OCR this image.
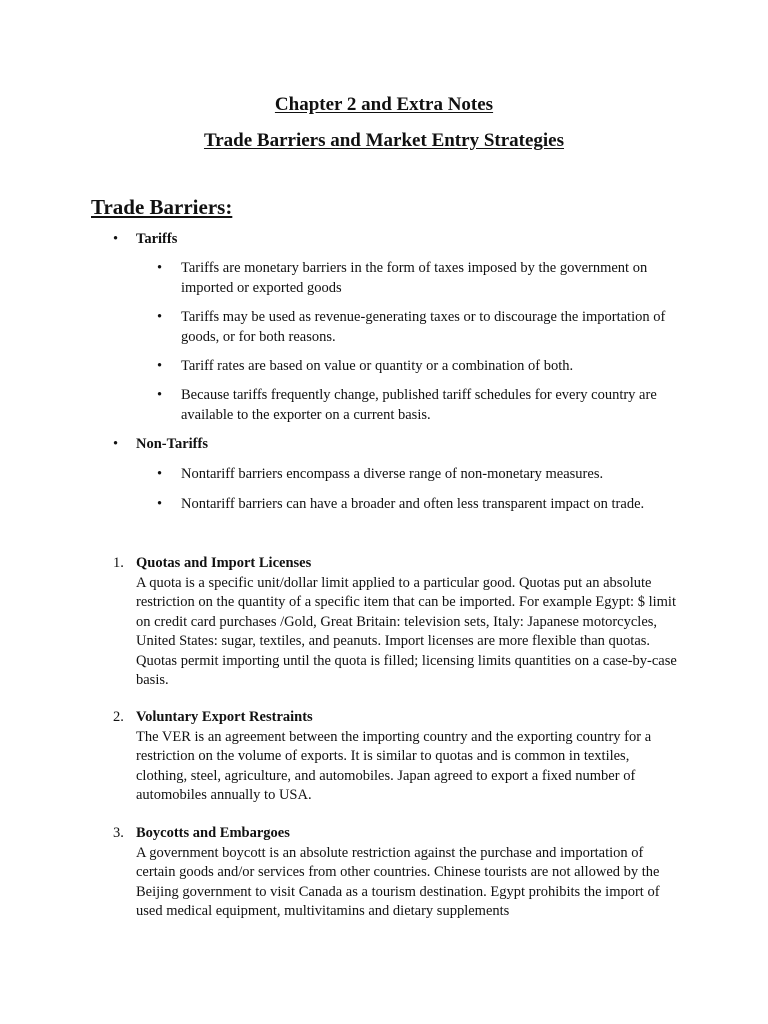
Chapter 2 and Extra Notes
Trade Barriers and Market Entry Strategies
Trade Barriers:
• Tariffs
• Tariffs are monetary barriers in the form of taxes imposed by the government on imported or exported goods
• Tariffs may be used as revenue-generating taxes or to discourage the importation of goods, or for both reasons.
• Tariff rates are based on value or quantity or a combination of both.
• Because tariffs frequently change, published tariff schedules for every country are available to the exporter on a current basis.
• Non-Tariffs
• Nontariff barriers encompass a diverse range of non-monetary measures.
• Nontariff barriers can have a broader and often less transparent impact on trade.
1. Quotas and Import Licenses
A quota is a specific unit/dollar limit applied to a particular good. Quotas put an absolute restriction on the quantity of a specific item that can be imported. For example Egypt: $ limit on credit card purchases /Gold, Great Britain: television sets, Italy: Japanese motorcycles, United States: sugar, textiles, and peanuts. Import licenses are more flexible than quotas. Quotas permit importing until the quota is filled; licensing limits quantities on a case-by-case basis.
2. Voluntary Export Restraints
The VER is an agreement between the importing country and the exporting country for a restriction on the volume of exports. It is similar to quotas and is common in textiles, clothing, steel, agriculture, and automobiles. Japan agreed to export a fixed number of automobiles annually to USA.
3. Boycotts and Embargoes
A government boycott is an absolute restriction against the purchase and importation of certain goods and/or services from other countries. Chinese tourists are not allowed by the Beijing government to visit Canada as a tourism destination. Egypt prohibits the import of used medical equipment, multivitamins and dietary supplements
